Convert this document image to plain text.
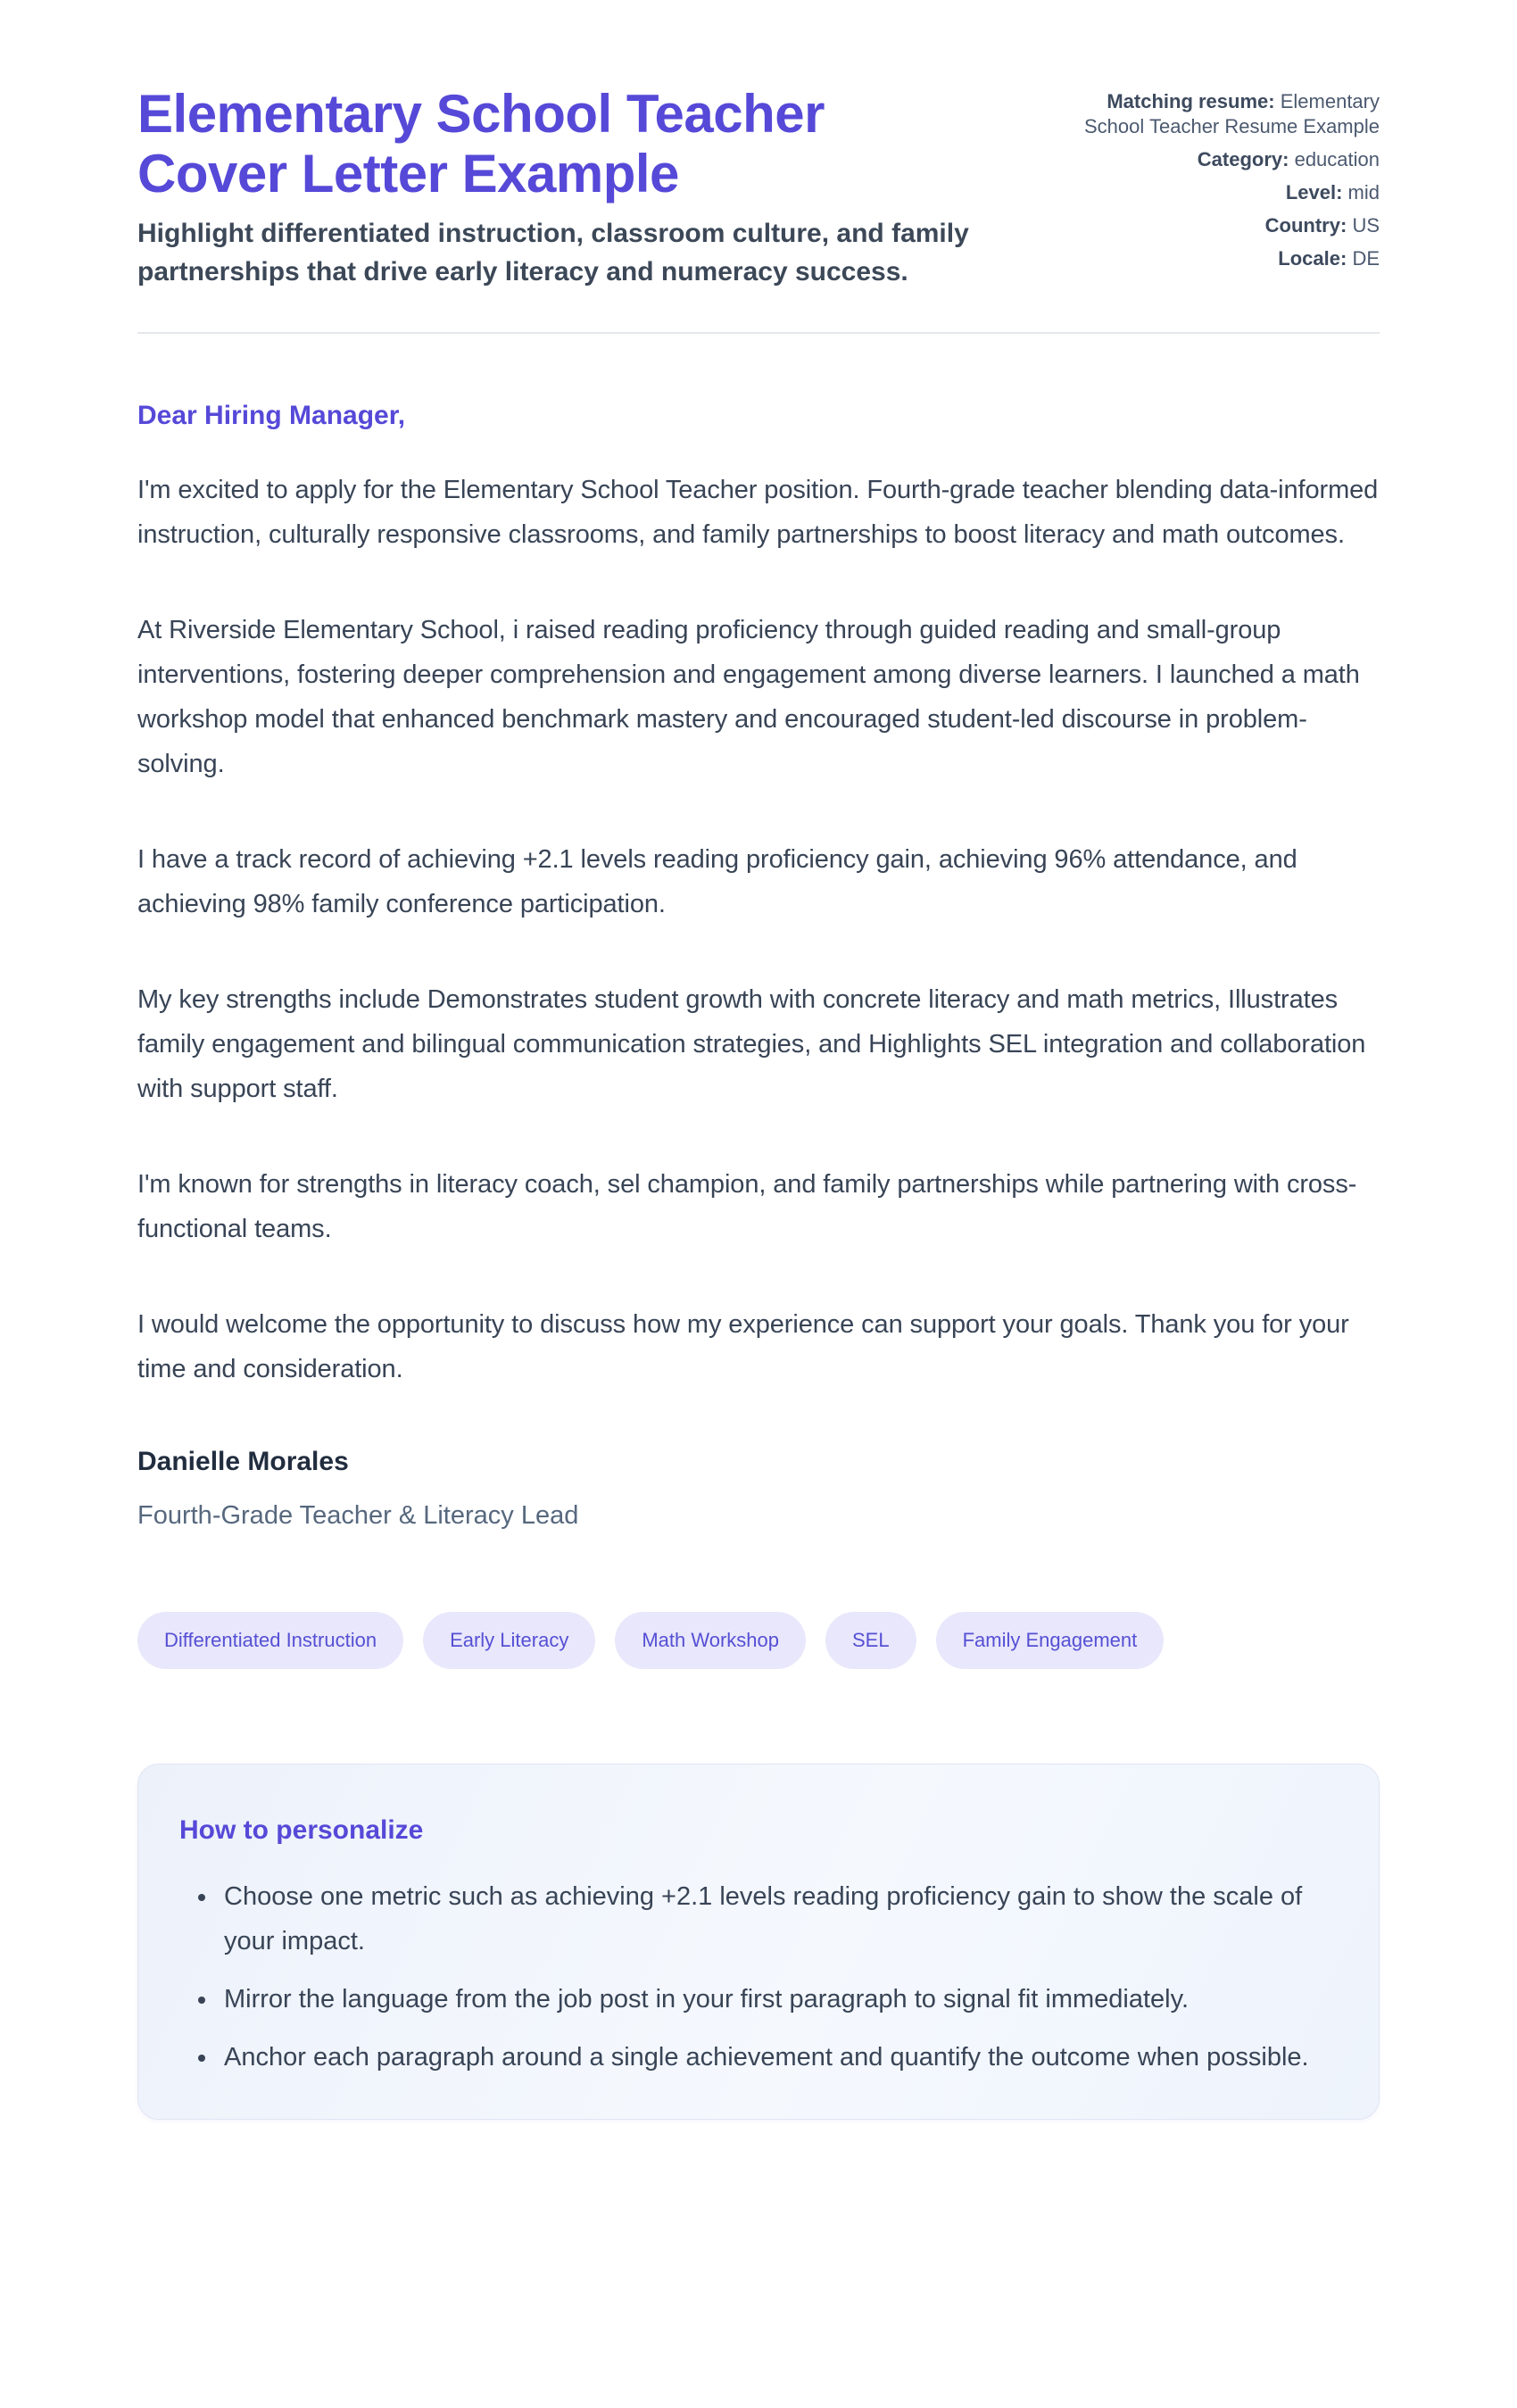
Elementary School Teacher
Cover Letter Example

Highlight differentiated instruction, classroom culture, and family partnerships that drive early literacy and numeracy success.

Matching resume: Elementary School Teacher Resume Example
Category: education
Level: mid
Country: US
Locale: DE

Dear Hiring Manager,

I'm excited to apply for the Elementary School Teacher position. Fourth-grade teacher blending data-informed instruction, culturally responsive classrooms, and family partnerships to boost literacy and math outcomes.

At Riverside Elementary School, i raised reading proficiency through guided reading and small-group interventions, fostering deeper comprehension and engagement among diverse learners. I launched a math workshop model that enhanced benchmark mastery and encouraged student-led discourse in problem-solving.

I have a track record of achieving +2.1 levels reading proficiency gain, achieving 96% attendance, and achieving 98% family conference participation.

My key strengths include Demonstrates student growth with concrete literacy and math metrics, Illustrates family engagement and bilingual communication strategies, and Highlights SEL integration and collaboration with support staff.

I'm known for strengths in literacy coach, sel champion, and family partnerships while partnering with cross-functional teams.

I would welcome the opportunity to discuss how my experience can support your goals. Thank you for your time and consideration.

Danielle Morales

Fourth-Grade Teacher & Literacy Lead

Differentiated Instruction	Early Literacy	Math Workshop	SEL	Family Engagement
How to personalize
• Choose one metric such as achieving +2.1 levels reading proficiency gain to show the scale of your impact.
• Mirror the language from the job post in your first paragraph to signal fit immediately.
• Anchor each paragraph around a single achievement and quantify the outcome when possible.
